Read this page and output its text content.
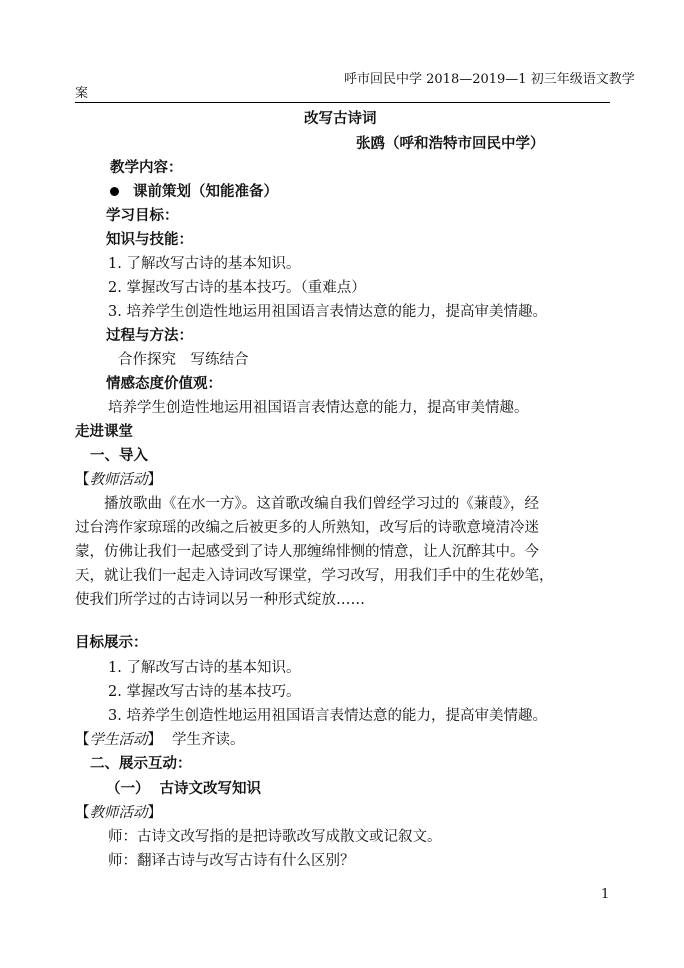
呼市回民中学 2018—2019—1 初三年级语文教学
案
改写古诗词
张鸥（呼和浩特市回民中学）
教学内容：
课前策划（知能准备）
学习目标：
知识与技能：
1. 了解改写古诗的基本知识。
2. 掌握改写古诗的基本技巧。（重难点）
3. 培养学生创造性地运用祖国语言表情达意的能力，提高审美情趣。
过程与方法：
合作探究　写练结合
情感态度价值观：
培养学生创造性地运用祖国语言表情达意的能力，提高审美情趣。
走进课堂
一、导入
【教师活动】
播放歌曲《在水一方》。这首歌改编自我们曾经学习过的《蒹葭》，经
过台湾作家琼瑶的改编之后被更多的人所熟知，改写后的诗歌意境清冷迷
蒙，仿佛让我们一起感受到了诗人那缠绵悱恻的情意，让人沉醉其中。今
天，就让我们一起走入诗词改写课堂，学习改写，用我们手中的生花妙笔，
使我们所学过的古诗词以另一种形式绽放……
目标展示：
1. 了解改写古诗的基本知识。
2. 掌握改写古诗的基本技巧。
3. 培养学生创造性地运用祖国语言表情达意的能力，提高审美情趣。
【学生活动】 学生齐读。
二、展示互动：
（一） 古诗文改写知识
【教师活动】
师：古诗文改写指的是把诗歌改写成散文或记叙文。
师：翻译古诗与改写古诗有什么区别？
1
